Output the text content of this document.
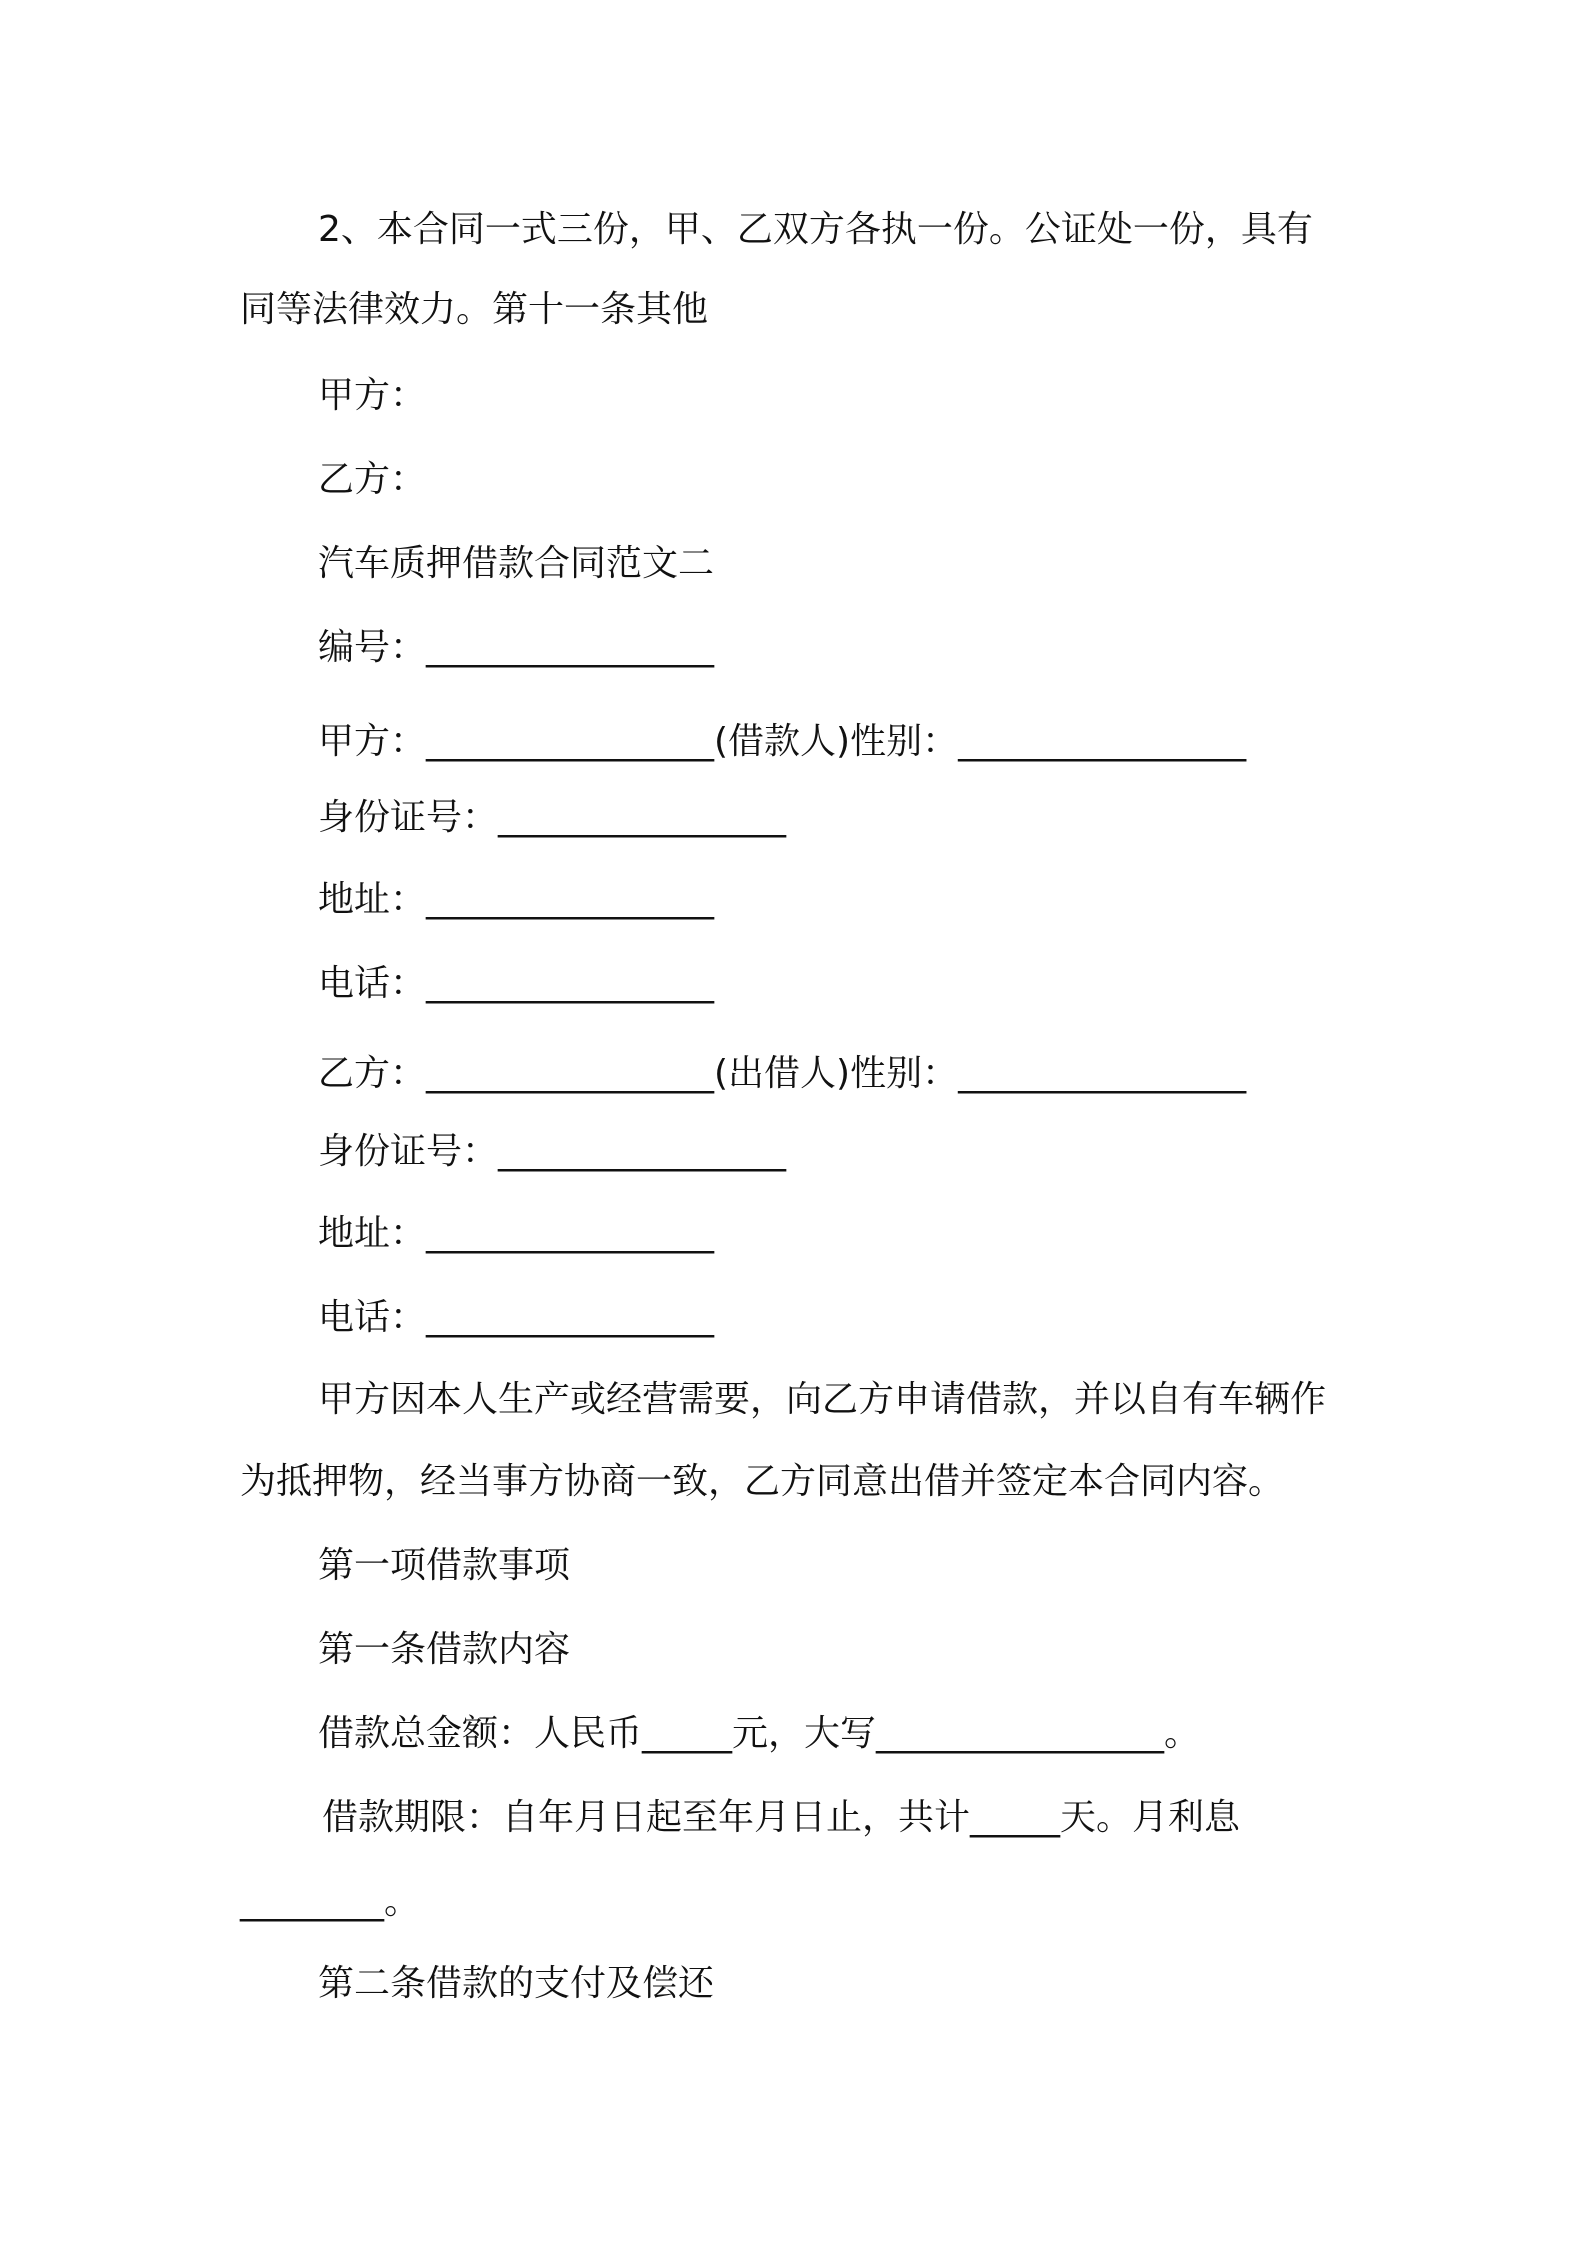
2、本合同一式三份，甲、乙双方各执一份。公证处一份，具有
同等法律效力。第十一条其他
甲方：
乙方：
汽车质押借款合同范文二
编号：________________
甲方：________________(借款人)性别：________________
身份证号：________________
地址：________________
电话：________________
乙方：________________(出借人)性别：________________
身份证号：________________
地址：________________
电话：________________
甲方因本人生产或经营需要，向乙方申请借款，并以自有车辆作
为抵押物，经当事方协商一致，乙方同意出借并签定本合同内容。
第一项借款事项
第一条借款内容
借款总金额：人民币_____元，大写________________。
借款期限：自年月日起至年月日止，共计_____天。月利息
________。
第二条借款的支付及偿还
